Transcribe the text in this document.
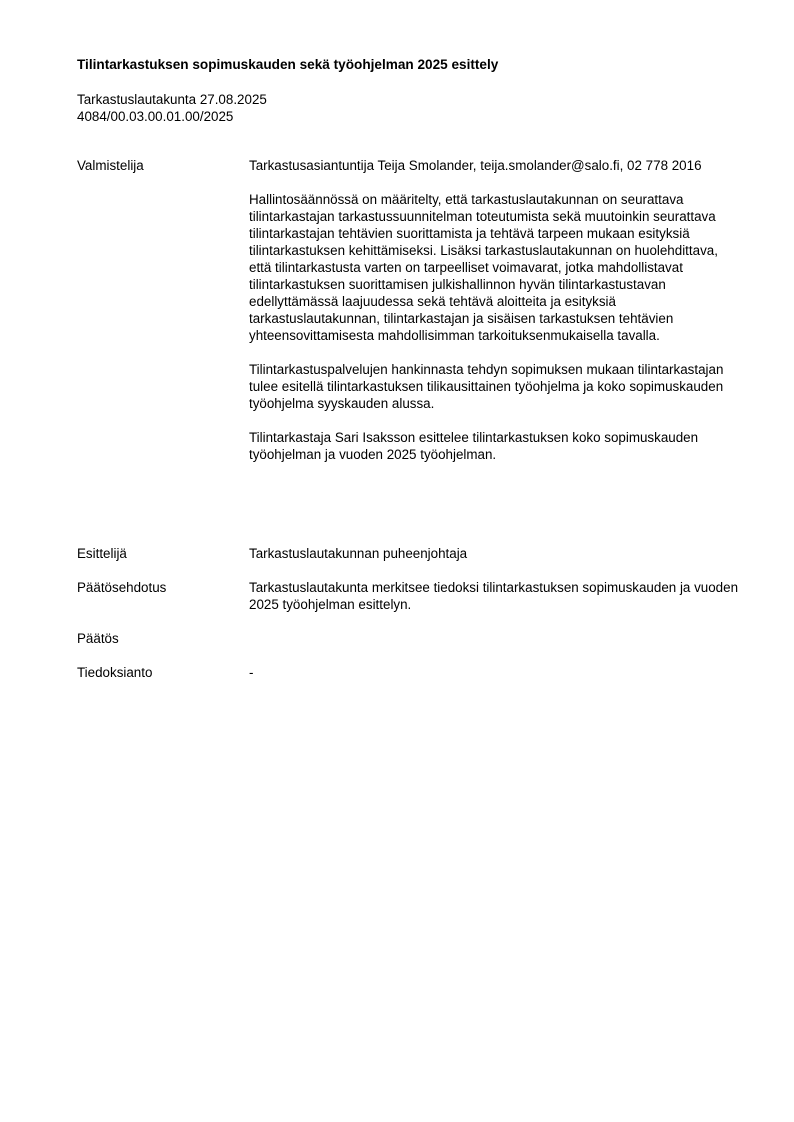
Tilintarkastuksen sopimuskauden sekä työohjelman 2025 esittely
Tarkastuslautakunta 27.08.2025
4084/00.03.00.01.00/2025
Valmistelija	Tarkastusasiantuntija Teija Smolander, teija.smolander@salo.fi, 02 778 2016

Hallintosäännössä on määritelty, että tarkastuslautakunnan on seurattava tilintarkastajan tarkastussuunnitelman toteutumista sekä muutoinkin seurattava tilintarkastajan tehtävien suorittamista ja tehtävä tarpeen mukaan esityksiä tilintarkastuksen kehittämiseksi. Lisäksi tarkastuslautakunnan on huolehdittava, että tilintarkastusta varten on tarpeelliset voimavarat, jotka mahdollistavat tilintarkastuksen suorittamisen julkishallinnon hyvän tilintarkastustavan edellyttämässä laajuudessa sekä tehtävä aloitteita ja esityksiä tarkastuslautakunnan, tilintarkastajan ja sisäisen tarkastuksen tehtävien yhteensovittamisesta mahdollisimman tarkoituksenmukaisella tavalla.

Tilintarkastuspalvelujen hankinnasta tehdyn sopimuksen mukaan tilintarkastajan tulee esitellä tilintarkastuksen tilikausittainen työohjelma ja koko sopimuskauden työohjelma syyskauden alussa.

Tilintarkastaja Sari Isaksson esittelee tilintarkastuksen koko sopimuskauden työohjelman ja vuoden 2025 työohjelman.

Esittelijä	Tarkastuslautakunnan puheenjohtaja
Päätösehdotus	Tarkastuslautakunta merkitsee tiedoksi tilintarkastuksen sopimuskauden ja vuoden 2025 työohjelman esittelyn.
Päätös
Tiedoksianto	-
